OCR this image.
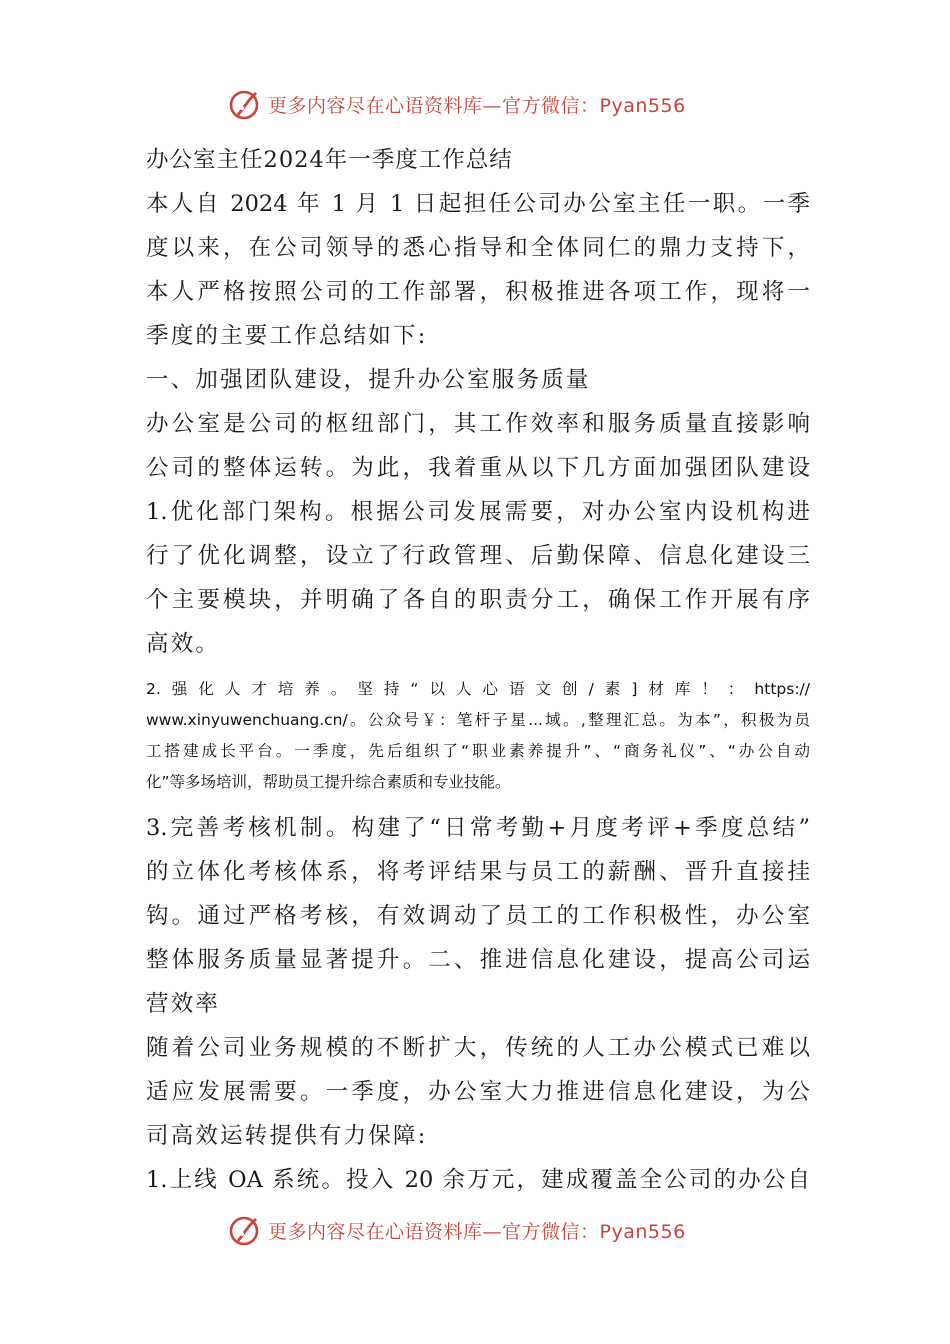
更多内容尽在心语资料库—官方微信：Pyan556
办公室主任2024年一季度工作总结
本人自 2024 年 1 月 1 日起担任公司办公室主任一职。一季
度以来，在公司领导的悉心指导和全体同仁的鼎力支持下，
本人严格按照公司的工作部署，积极推进各项工作，现将一
季度的主要工作总结如下:
一、加强团队建设，提升办公室服务质量
办公室是公司的枢纽部门，其工作效率和服务质量直接影响
公司的整体运转。为此，我着重从以下几方面加强团队建设
1.优化部门架构。根据公司发展需要，对办公室内设机构进
行了优化调整，设立了行政管理、后勤保障、信息化建设三
个主要模块，并明确了各自的职责分工，确保工作开展有序
高效。
2.强化人才培养。坚持“以人心语文创/素]材库！：https://
www.xinyuwenchuang.cn/。公众号￥：笔杆子星...域。,整理汇总。为本”，积极为员
工搭建成长平台。一季度，先后组织了“职业素养提升”、“商务礼仪”、“办公自动
化”等多场培训，帮助员工提升综合素质和专业技能。
3.完善考核机制。构建了“日常考勤+月度考评+季度总结”
的立体化考核体系，将考评结果与员工的薪酬、晋升直接挂
钩。通过严格考核，有效调动了员工的工作积极性，办公室
整体服务质量显著提升。二、推进信息化建设，提高公司运
营效率
随着公司业务规模的不断扩大，传统的人工办公模式已难以
适应发展需要。一季度，办公室大力推进信息化建设，为公
司高效运转提供有力保障:
1.上线 OA 系统。投入 20 余万元，建成覆盖全公司的办公自
更多内容尽在心语资料库—官方微信：Pyan556
